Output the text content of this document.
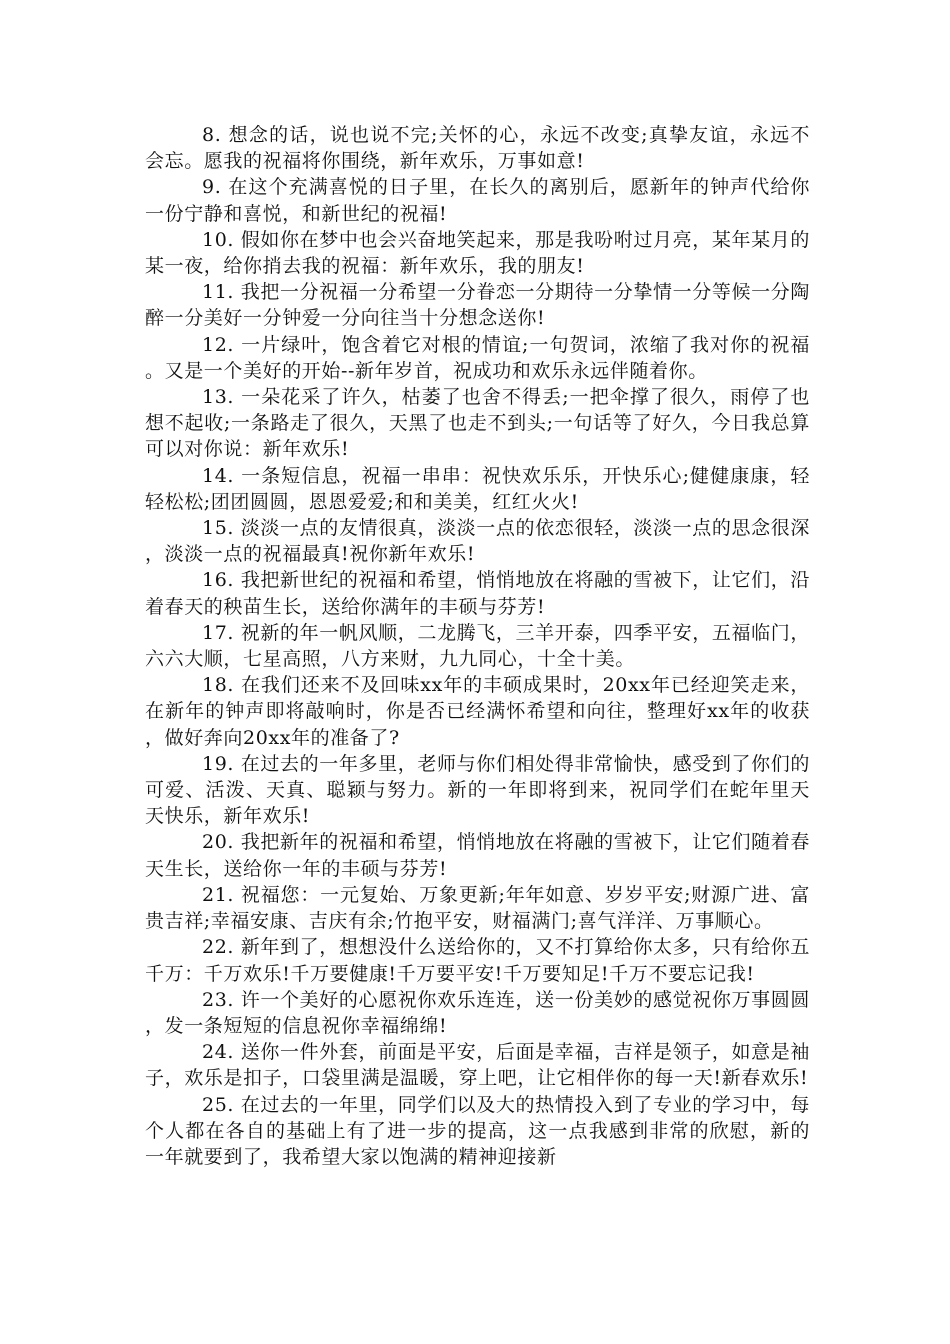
8. 想念的话，说也说不完;关怀的心，永远不改变;真挚友谊，永远不会忘。愿我的祝福将你围绕，新年欢乐，万事如意!

9. 在这个充满喜悦的日子里，在长久的离别后，愿新年的钟声代给你一份宁静和喜悦，和新世纪的祝福!

10. 假如你在梦中也会兴奋地笑起来，那是我吩咐过月亮，某年某月的某一夜，给你捎去我的祝福：新年欢乐，我的朋友!

11. 我把一分祝福一分希望一分眷恋一分期待一分挚情一分等候一分陶醉一分美好一分钟爱一分向往当十分想念送你!

12. 一片绿叶，饱含着它对根的情谊;一句贺词，浓缩了我对你的祝福。又是一个美好的开始--新年岁首，祝成功和欢乐永远伴随着你。

13. 一朵花采了许久，枯萎了也舍不得丢;一把伞撑了很久，雨停了也想不起收;一条路走了很久，天黑了也走不到头;一句话等了好久，今日我总算可以对你说：新年欢乐!

14. 一条短信息，祝福一串串：祝快欢乐乐，开快乐心;健健康康，轻轻松松;团团圆圆，恩恩爱爱;和和美美，红红火火!

15. 淡淡一点的友情很真，淡淡一点的依恋很轻，淡淡一点的思念很深，淡淡一点的祝福最真!祝你新年欢乐!

16. 我把新世纪的祝福和希望，悄悄地放在将融的雪被下，让它们，沿着春天的秧苗生长，送给你满年的丰硕与芬芳!

17. 祝新的年一帆风顺，二龙腾飞，三羊开泰，四季平安，五福临门，六六大顺，七星高照，八方来财，九九同心，十全十美。

18. 在我们还来不及回味xx年的丰硕成果时，20xx年已经迎笑走来，在新年的钟声即将敲响时，你是否已经满怀希望和向往，整理好xx年的收获，做好奔向20xx年的准备了?

19. 在过去的一年多里，老师与你们相处得非常愉快，感受到了你们的可爱、活泼、天真、聪颖与努力。新的一年即将到来，祝同学们在蛇年里天天快乐，新年欢乐!

20. 我把新年的祝福和希望，悄悄地放在将融的雪被下，让它们随着春天生长，送给你一年的丰硕与芬芳!

21. 祝福您：一元复始、万象更新;年年如意、岁岁平安;财源广进、富贵吉祥;幸福安康、吉庆有余;竹抱平安，财福满门;喜气洋洋、万事顺心。

22. 新年到了，想想没什么送给你的，又不打算给你太多，只有给你五千万：千万欢乐!千万要健康!千万要平安!千万要知足!千万不要忘记我!

23. 许一个美好的心愿祝你欢乐连连，送一份美妙的感觉祝你万事圆圆，发一条短短的信息祝你幸福绵绵!

24. 送你一件外套，前面是平安，后面是幸福，吉祥是领子，如意是袖子，欢乐是扣子，口袋里满是温暖，穿上吧，让它相伴你的每一天!新春欢乐!

25. 在过去的一年里，同学们以及大的热情投入到了专业的学习中，每个人都在各自的基础上有了进一步的提高，这一点我感到非常的欣慰，新的一年就要到了，我希望大家以饱满的精神迎接新
